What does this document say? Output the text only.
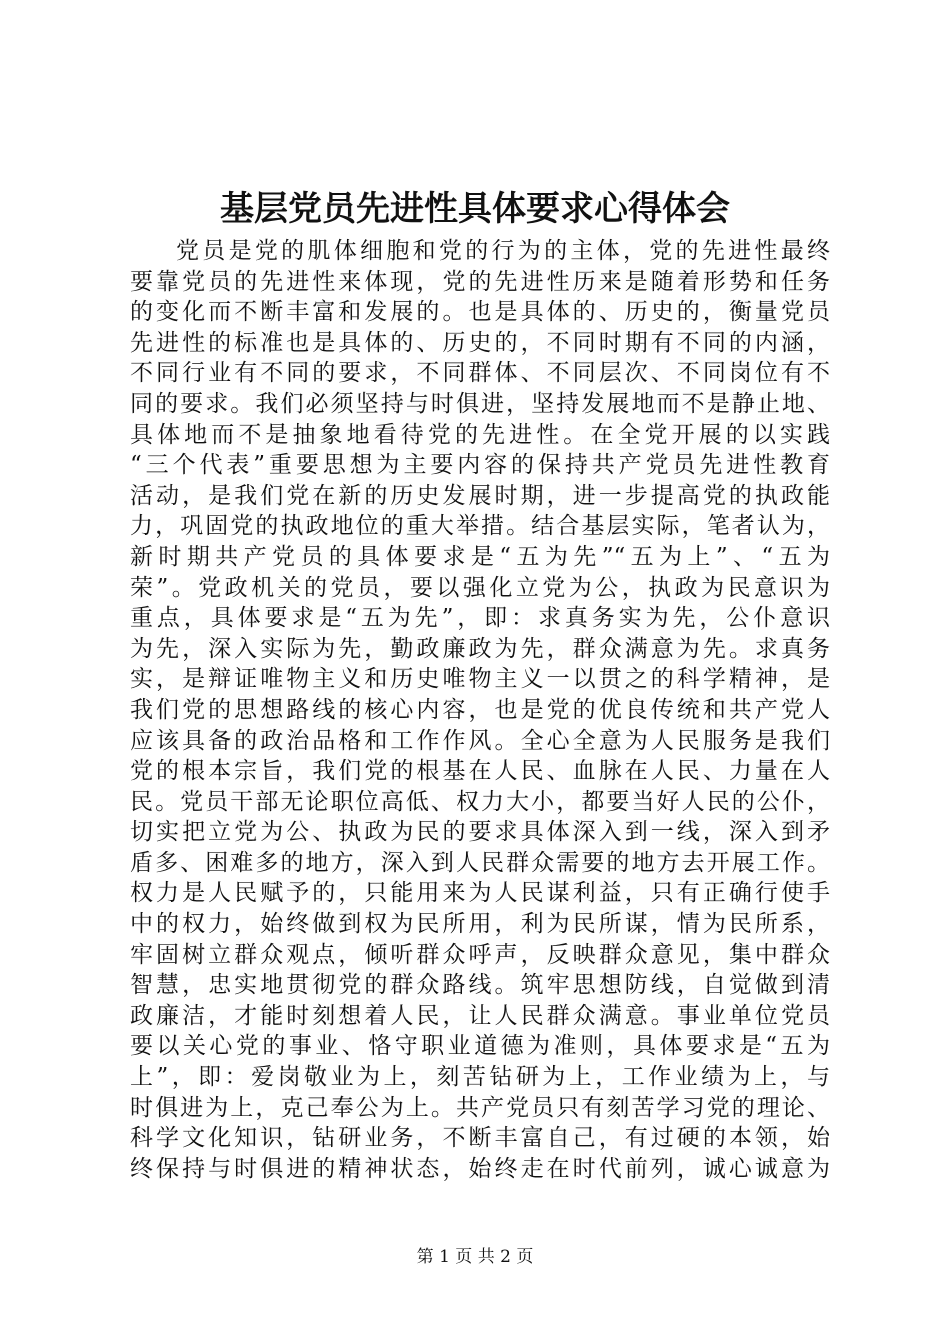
基层党员先进性具体要求心得体会
党员是党的肌体细胞和党的行为的主体，党的先进性最终
要靠党员的先进性来体现，党的先进性历来是随着形势和任务
的变化而不断丰富和发展的。也是具体的、历史的，衡量党员
先进性的标准也是具体的、历史的，不同时期有不同的内涵，
不同行业有不同的要求，不同群体、不同层次、不同岗位有不
同的要求。我们必须坚持与时俱进，坚持发展地而不是静止地、
具体地而不是抽象地看待党的先进性。在全党开展的以实践
“三个代表”重要思想为主要内容的保持共产党员先进性教育
活动，是我们党在新的历史发展时期，进一步提高党的执政能
力，巩固党的执政地位的重大举措。结合基层实际，笔者认为，
新时期共产党员的具体要求是“五为先”“五为上”、“五为
荣”。党政机关的党员，要以强化立党为公，执政为民意识为
重点，具体要求是“五为先”，即：求真务实为先，公仆意识
为先，深入实际为先，勤政廉政为先，群众满意为先。求真务
实，是辩证唯物主义和历史唯物主义一以贯之的科学精神，是
我们党的思想路线的核心内容，也是党的优良传统和共产党人
应该具备的政治品格和工作作风。全心全意为人民服务是我们
党的根本宗旨，我们党的根基在人民、血脉在人民、力量在人
民。党员干部无论职位高低、权力大小，都要当好人民的公仆，
切实把立党为公、执政为民的要求具体深入到一线，深入到矛
盾多、困难多的地方，深入到人民群众需要的地方去开展工作。
权力是人民赋予的，只能用来为人民谋利益，只有正确行使手
中的权力，始终做到权为民所用，利为民所谋，情为民所系，
牢固树立群众观点，倾听群众呼声，反映群众意见，集中群众
智慧，忠实地贯彻党的群众路线。筑牢思想防线，自觉做到清
政廉洁，才能时刻想着人民，让人民群众满意。事业单位党员
要以关心党的事业、恪守职业道德为准则，具体要求是“五为
上”，即：爱岗敬业为上，刻苦钻研为上，工作业绩为上，与
时俱进为上，克己奉公为上。共产党员只有刻苦学习党的理论、
科学文化知识，钻研业务，不断丰富自己，有过硬的本领，始
终保持与时俱进的精神状态，始终走在时代前列，诚心诚意为
第 1 页 共 2 页
